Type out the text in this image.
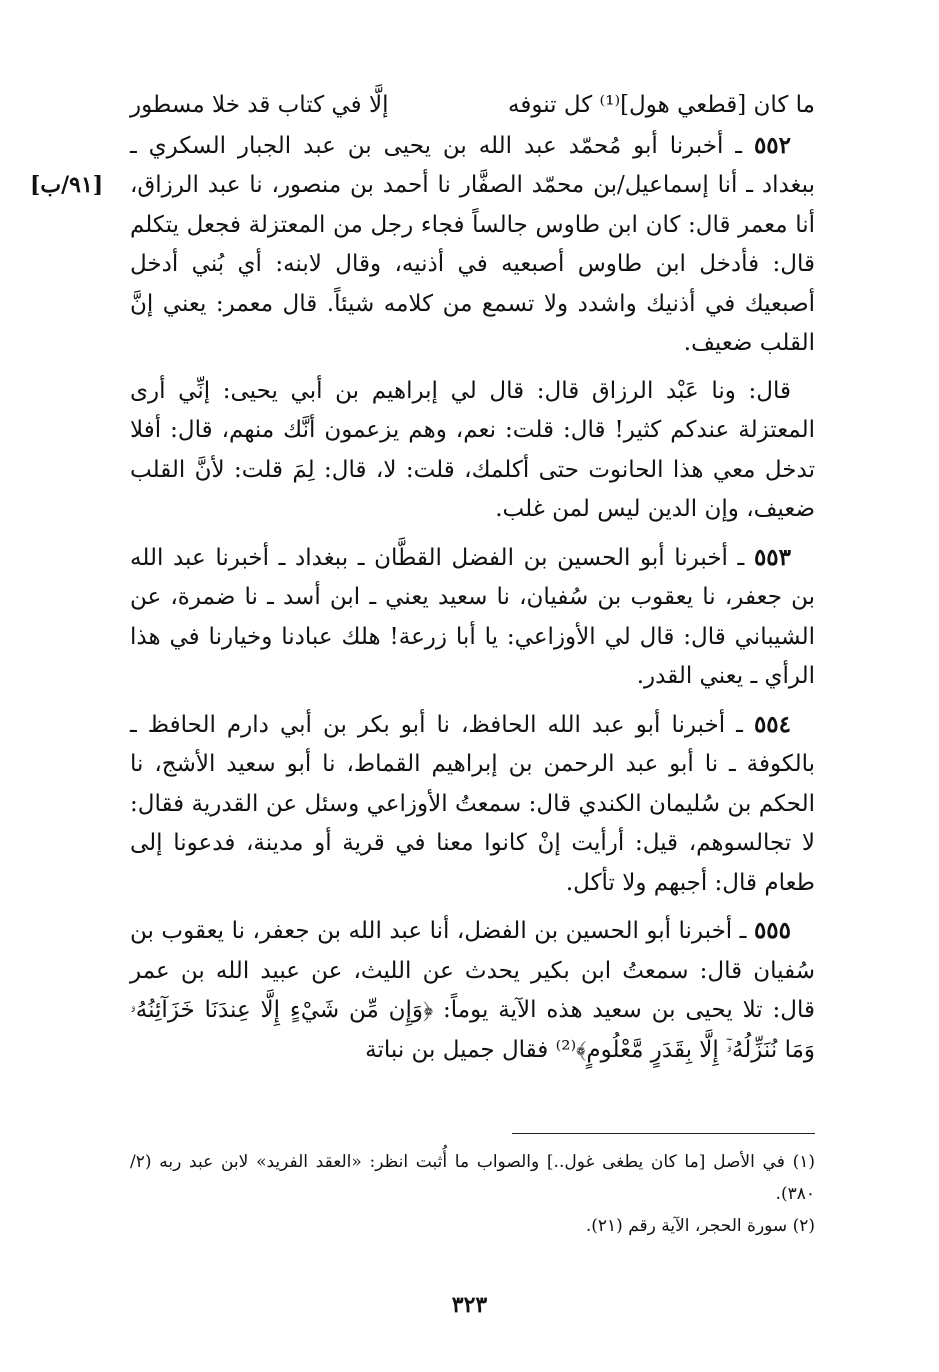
[٩١/ب]
ما كان [قطعي هول]⁽¹⁾ كل تنوفه
إلَّا في كتاب قد خلا مسطور

٥٥٢ ـ أخبرنا أبو مُحمّد عبد الله بن يحيى بن عبد الجبار السكري ـ ببغداد ـ أنا إسماعيل/بن محمّد الصفَّار نا أحمد بن منصور، نا عبد الرزاق، أنا معمر قال: كان ابن طاوس جالساً فجاء رجل من المعتزلة فجعل يتكلم قال: فأدخل ابن طاوس أصبعيه في أذنيه، وقال لابنه: أي بُني أدخل أصبعيك في أذنيك واشدد ولا تسمع من كلامه شيئاً. قال معمر: يعني إنَّ القلب ضعيف.

قال: ونا عَبْد الرزاق قال: قال لي إبراهيم بن أبي يحيى: إنِّي أرى المعتزلة عندكم كثير! قال: قلت: نعم، وهم يزعمون أنَّك منهم، قال: أفلا تدخل معي هذا الحانوت حتى أكلمك، قلت: لا، قال: لِمَ قلت: لأنَّ القلب ضعيف، وإن الدين ليس لمن غلب.

٥٥٣ ـ أخبرنا أبو الحسين بن الفضل القطَّان ـ ببغداد ـ أخبرنا عبد الله بن جعفر، نا يعقوب بن سُفيان، نا سعيد يعني ـ ابن أسد ـ نا ضمرة، عن الشيباني قال: قال لي الأوزاعي: يا أبا زرعة! هلك عبادنا وخيارنا في هذا الرأي ـ يعني القدر.

٥٥٤ ـ أخبرنا أبو عبد الله الحافظ، نا أبو بكر بن أبي دارم الحافظ ـ بالكوفة ـ نا أبو عبد الرحمن بن إبراهيم القماط، نا أبو سعيد الأشج، نا الحكم بن سُليمان الكندي قال: سمعتُ الأوزاعي وسئل عن القدرية فقال: لا تجالسوهم، قيل: أرأيت إنْ كانوا معنا في قرية أو مدينة، فدعونا إلى طعام قال: أجبهم ولا تأكل.

٥٥٥ ـ أخبرنا أبو الحسين بن الفضل، أنا عبد الله بن جعفر، نا يعقوب بن سُفيان قال: سمعتُ ابن بكير يحدث عن الليث، عن عبيد الله بن عمر قال: تلا يحيى بن سعيد هذه الآية يوماً: ﴿وَإِن مِّن شَيْءٍ إِلَّا عِندَنَا خَزَآئِنُهُۥ وَمَا نُنَزِّلُهُۥٓ إِلَّا بِقَدَرٍ مَّعْلُومٍ﴾⁽²⁾ فقال جميل بن نباتة

(١) في الأصل [ما كان يطغى غول..] والصواب ما أُثبت انظر: «العقد الفريد» لابن عبد ربه (٢/ ٣٨٠).

(٢) سورة الحجر، الآية رقم (٢١).

٣٢٣
